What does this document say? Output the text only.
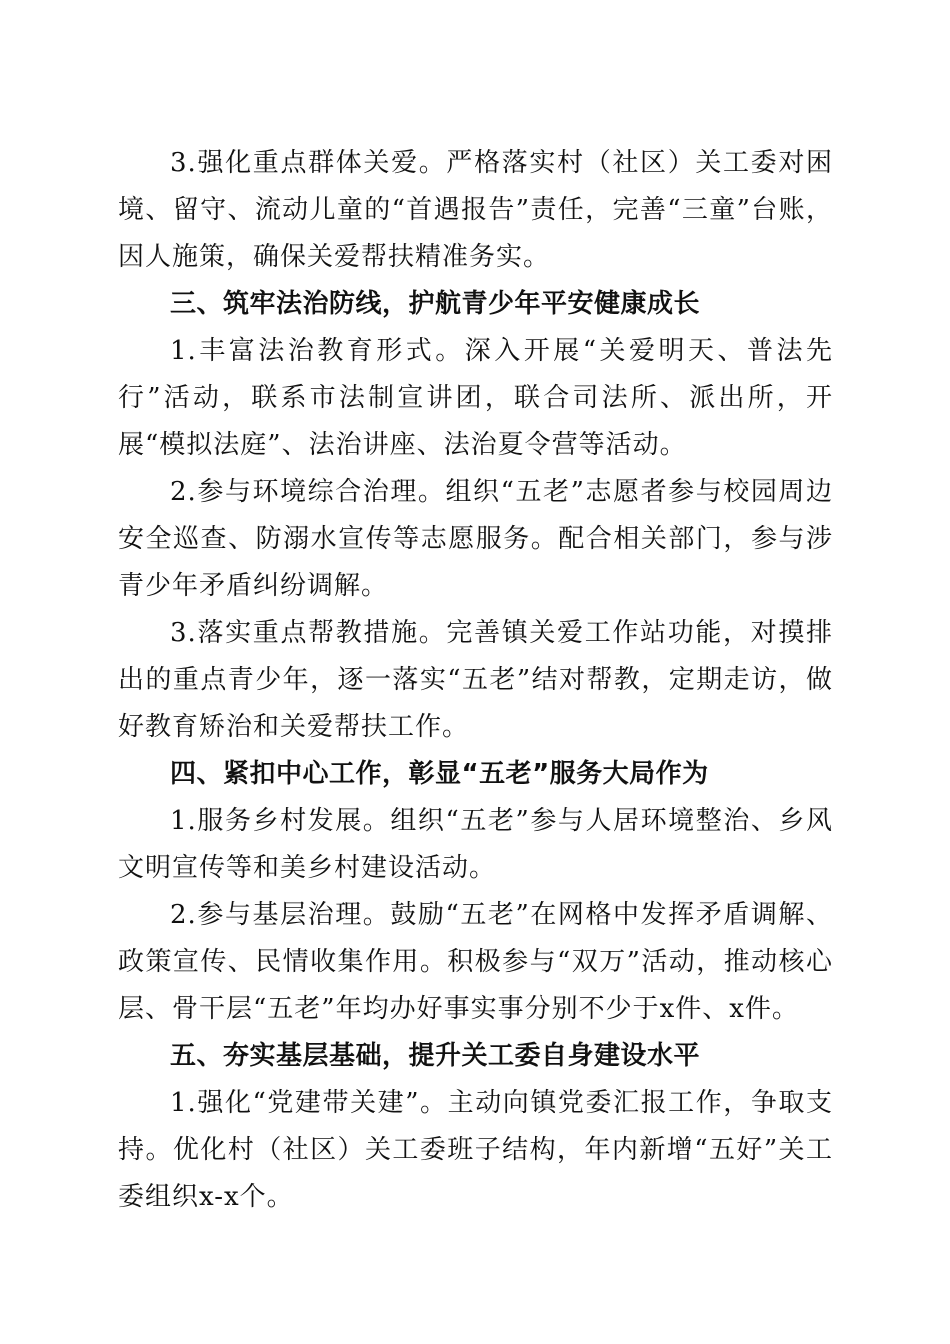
3.强化重点群体关爱。严格落实村（社区）关工委对困境、留守、流动儿童的“首遇报告”责任，完善“三童”台账，因人施策，确保关爱帮扶精准务实。

三、筑牢法治防线，护航青少年平安健康成长

1.丰富法治教育形式。深入开展“关爱明天、普法先行”活动，联系市法制宣讲团，联合司法所、派出所，开展“模拟法庭”、法治讲座、法治夏令营等活动。

2.参与环境综合治理。组织“五老”志愿者参与校园周边安全巡查、防溺水宣传等志愿服务。配合相关部门，参与涉青少年矛盾纠纷调解。

3.落实重点帮教措施。完善镇关爱工作站功能，对摸排出的重点青少年，逐一落实“五老”结对帮教，定期走访，做好教育矫治和关爱帮扶工作。

四、紧扣中心工作，彰显“五老”服务大局作为

1.服务乡村发展。组织“五老”参与人居环境整治、乡风文明宣传等和美乡村建设活动。

2.参与基层治理。鼓励“五老”在网格中发挥矛盾调解、政策宣传、民情收集作用。积极参与“双万”活动，推动核心层、骨干层“五老”年均办好事实事分别不少于x件、x件。

五、夯实基层基础，提升关工委自身建设水平

1.强化“党建带关建”。主动向镇党委汇报工作，争取支持。优化村（社区）关工委班子结构，年内新增“五好”关工委组织x-x个。
